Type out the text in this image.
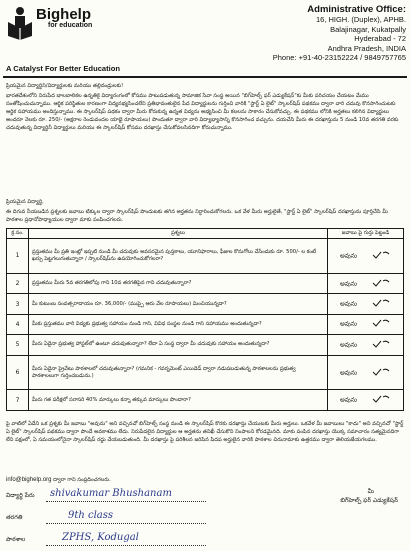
Bighelp
for education
Administrative Office:
16, HIGH. (Duplex), APHB.
Balajinagar, Kukatpally
Hyderabad - 72
Andhra Pradesh, INDIA
Phone: +91-40-23152224 / 9849757765
A Catalyst For Better Education
ప్రియమైన విద్యార్థిని/విద్యార్థులకు మరియు తల్లిదండ్రులకు!
భారతదేశంలోని నిరుపేద బాలబాలికల ఉన్నతికై విద్యారంగంలో కోసము పాటుపడుతున్న సామాజిక సేవా సంస్థ అయిన "బిగ్‌హెల్ప్ ఫర్ ఎడ్యుకేషన్"కు మీకు పరిచయం చేయటం మేము సంతోషించుచున్నాము. ఆర్థిక పరిస్థితుల కారణంగా విద్యనభ్యసించలేని ప్రతిభావంతులైన పేద విద్యార్థులను గుర్తించి వారికి "స్టార్ట్ ఏ లైట్" స్కాలర్‌షిప్ పథకము ద్వారా వారి చదువు కొనసాగించుటకు ఆర్థిక సహాయము అందిస్తున్నాము. ఈ స్కాలర్‌షిప్ పథకం ద్వారా మీరు కోరుకున్న ఉన్నత విద్యను అభ్యసించి మీ కలలను సాకారం చేసుకోవచ్చు. ఈ పథకము లోనికి అర్హతలు కలిగిన విద్యార్థులు అందరూ నెలకు రూ. 250/- (అక్షరాల రెండువందల యాభై రూపాయలు) పొందుతూ ద్వారా వారి విద్యాభ్యాసాన్ని కొనసాగించ వచ్చును. దయచేసి మీరు ఈ దరఖాస్తును 5 నుండి 10వ తరగతి వరకు చదువుతున్న విద్యార్థినీ విద్యార్థులు మరియు ఈ స్కాలర్‌షిప్ కోసము దరఖాస్తు చేసుకోవలసినదిగా కోరుచున్నాము.
ప్రియమైన విద్యార్థి,
ఈ దిగువ నీయబడిన ప్రశ్నలకు జవాబు టిక్కుల ద్వారా స్కాలర్‌షిప్ పొందుటకు తగిన అర్హతను నిర్ధారించుకోగలరు. ఒక వేళ మీరు అర్హులైతే, "స్టార్ట్ ఏ లైట్" స్కాలర్‌షిప్ దరఖాస్తును పూర్తిచేసి మీ పాఠశాల ప్రధానోపాధ్యాయుల ద్వారా మాకు పంపించగలరు.
క్ర.సం.	ప్రశ్నలు	జవాబు పై గుర్తు పెట్టండి
1	ప్రస్తుతము మీ ప్రతి ఇంట్లో ఇప్పటి నుండి మీ చదువుకు అవసరమైన పుస్తకాలు, యూనిఫారాలు, ఫీజుల కొనుగోలు చేసేందుకు రూ. 500/- ల కంటే ఖర్చు పెట్టగలుగుతున్నారా / స్కాలర్‌షిప్‌ను ఉపయోగించుకోగలరా?	అవును

2	ప్రస్తుతము మీరు 5వ తరగతిలోపు గాని 10వ తరగతిపైన గాని చదువుతున్నారా?	అవును

3	మీ కుటుంబ సంవత్సరాదాయం రూ. 36,000/- (ముప్పై ఆరు వేల రూపాయలు) మించియున్నదా?	అవును

4	మీకు ప్రస్తుతము వారి విద్యకు ప్రభుత్వ సహాయం నుండి గాని, వివిధ సంస్థల నుండి గాని సహాయము అందుతున్నదా?	అవును

5	మీరు ఏదైనా ప్రభుత్వ హాస్టల్‌లో ఉంటూ చదువుతున్నారా? లేదా ఏ సంస్థ ద్వారా మీ చదువుకు సహాయం అందుతున్నదా?	అవును

6	మీరు ఏదైనా ప్రైవేటు పాఠశాలలో చదువుతున్నారా? (గమనిక - గవర్నమెంట్ ఎయిడెడ్ ద్వారా నడుపబడుతున్న పాఠశాలలను ప్రభుత్వ పాఠశాలలుగా గుర్తించబడును.)	అవును

7	మీరు గత పరీక్షలో సరాసరి 40% మార్కులు కన్నా తక్కువ మార్కులు పొందారా?	అవును
పై వాటిలో ఏదేని ఒక ప్రశ్నకు మీ జవాబు "అవును" అని వచ్చినచో బిగ్‌హెల్ప్ సంస్థ నుండి ఈ స్కాలర్‌షిప్ కొరకు దరఖాస్తు చేయుటకు మీరు అర్హులు. ఒకవేళ మీ జవాబులు "కాదు" అని వచ్చినచో "స్టార్ట్ ఏ లైట్" స్కాలర్‌షిప్ పథకము ద్వారా పొందే అవకాశము లేదు. నిరుపేదలైన విద్యార్థుల ఆ అర్హతను తనిఖీ చేసుకొని నింపాలని కోరడమైనది. మాకు పంపిన దరఖాస్తు యొక్క సమాచారం సత్యమైనదిగా లేని పక్షంలో, ఏ సమయంలోనైనా స్కాలర్‌షిప్ రద్దు చేయబడుతుంది. మీ దరఖాస్తు పై పరిశీలన జరిపిన పిదప అర్హులైన వారికి పాఠశాల చిరునామాకు ఉత్తరము ద్వారా తెలియజేయగలము.
info@bighelp.org ద్వారా గాని సంప్రదించగలరు.
విద్యార్థి పేరు shivakumar Bhushanam	మీ
బిగ్‌హెల్ప్ ఫర్ ఎడ్యుకేషన్
తరగతి	9th class
పాఠశాల	ZPHS, Kodugal
